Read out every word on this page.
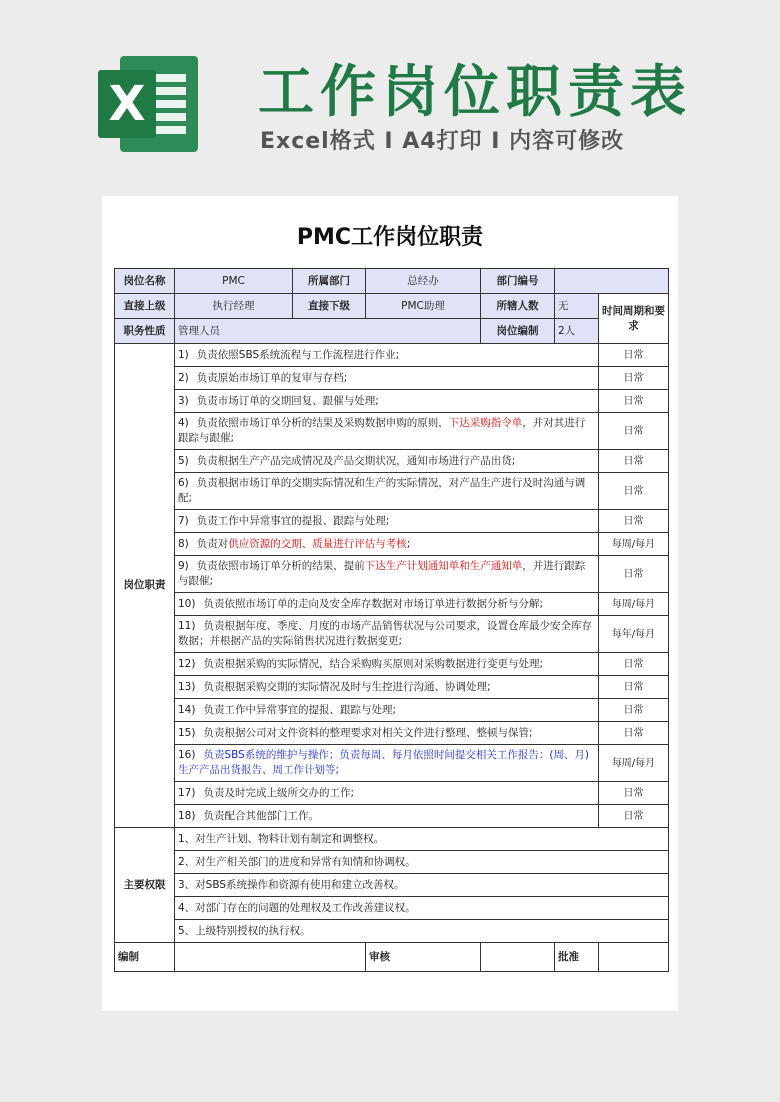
X 工作岗位职责表
Excel格式 I A4打印 I 内容可修改
PMC工作岗位职责
岗位名称	PMC	所属部门	总经办	部门编号		
直接上级	执行经理	直接下级	PMC助理	所辖人数	无	时间周期和要求
职务性质	管理人员			岗位编制	2人	
岗位职责	1) 负责依照SBS系统流程与工作流程进行作业;					日常
	2) 负责原始市场订单的复审与存档;					日常
	3) 负责市场订单的交期回复、跟催与处理;					日常
	4) 负责依照市场订单分析的结果及采购数据申购的原则，下达采购指令单，并对其进行跟踪与跟催;					日常
	5) 负责根据生产产品完成情况及产品交期状况，通知市场进行产品出货;					日常
	6) 负责根据市场订单的交期实际情况和生产的实际情况，对产品生产进行及时沟通与调配;					日常
	7) 负责工作中异常事宜的提报、跟踪与处理;					日常
	8) 负责对供应资源的交期、质量进行评估与考核;					每周/每月
	9) 负责依照市场订单分析的结果，提前下达生产计划通知单和生产通知单，并进行跟踪与跟催;					日常
	10) 负责依照市场订单的走向及安全库存数据对市场订单进行数据分析与分解;					每周/每月
	11) 负责根据年度、季度、月度的市场产品销售状况与公司要求，设置仓库最少安全库存数据；并根据产品的实际销售状况进行数据变更;					每年/每月
	12) 负责根据采购的实际情况，结合采购购买原则对采购数据进行变更与处理;					日常
	13) 负责根据采购交期的实际情况及时与生控进行沟通、协调处理;					日常
	14) 负责工作中异常事宜的提报、跟踪与处理;					日常
	15) 负责根据公司对文件资料的整理要求对相关文件进行整理、整顿与保管;					日常
	16) 负责SBS系统的维护与操作；负责每周、每月依照时间提交相关工作报告：(周、月)生产产品出货报告、周工作计划等;					每周/每月
	17) 负责及时完成上级所交办的工作;					日常
	18) 负责配合其他部门工作。					日常
主要权限	1、对生产计划、物料计划有制定和调整权。					
	2、对生产相关部门的进度和异常有知情和协调权。					
	3、对SBS系统操作和资源有使用和建立改善权。					
	4、对部门存在的问题的处理权及工作改善建议权。					
	5、上级特别授权的执行权。					
编制			审核		批准	
